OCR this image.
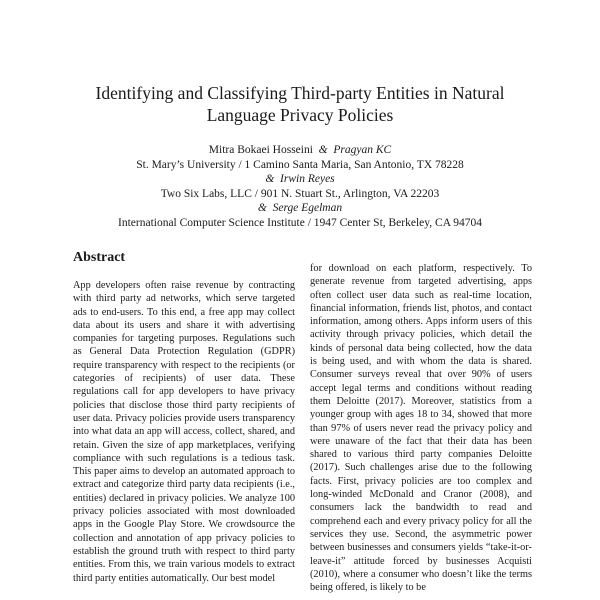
Identifying and Classifying Third-party Entities in Natural
Language Privacy Policies
Mitra Bokaei Hosseini & Pragyan KC
St. Mary’s University / 1 Camino Santa Maria, San Antonio, TX 78228
& Irwin Reyes
Two Six Labs, LLC / 901 N. Stuart St., Arlington, VA 22203
& Serge Egelman
International Computer Science Institute / 1947 Center St, Berkeley, CA 94704
Abstract
App developers often raise revenue by contracting with third party ad networks, which serve targeted ads to end-users. To this end, a free app may collect data about its users and share it with advertising companies for targeting purposes. Regulations such as General Data Protection Regulation (GDPR) require transparency with respect to the recipients (or categories of recipients) of user data. These regulations call for app developers to have privacy policies that disclose those third party recipients of user data. Privacy policies provide users transparency into what data an app will access, collect, shared, and retain. Given the size of app marketplaces, verifying compliance with such regulations is a tedious task. This paper aims to develop an automated approach to extract and categorize third party data recipients (i.e., entities) declared in privacy policies. We analyze 100 privacy policies associated with most downloaded apps in the Google Play Store. We crowdsource the collection and annotation of app privacy policies to establish the ground truth with respect to third party entities. From this, we train various models to extract third party entities automatically. Our best model
for download on each platform, respectively. To generate revenue from targeted advertising, apps often collect user data such as real-time location, financial information, friends list, photos, and contact information, among others. Apps inform users of this activity through privacy policies, which detail the kinds of personal data being collected, how the data is being used, and with whom the data is shared. Consumer surveys reveal that over 90% of users accept legal terms and conditions without reading them Deloitte (2017). Moreover, statistics from a younger group with ages 18 to 34, showed that more than 97% of users never read the privacy policy and were unaware of the fact that their data has been shared to various third party companies Deloitte (2017). Such challenges arise due to the following facts. First, privacy policies are too complex and long-winded McDonald and Cranor (2008), and consumers lack the bandwidth to read and comprehend each and every privacy policy for all the services they use. Second, the asymmetric power between businesses and consumers yields “take-it-or-leave-it” attitude forced by businesses Acquisti (2010), where a consumer who doesn’t like the terms being offered, is likely to be
